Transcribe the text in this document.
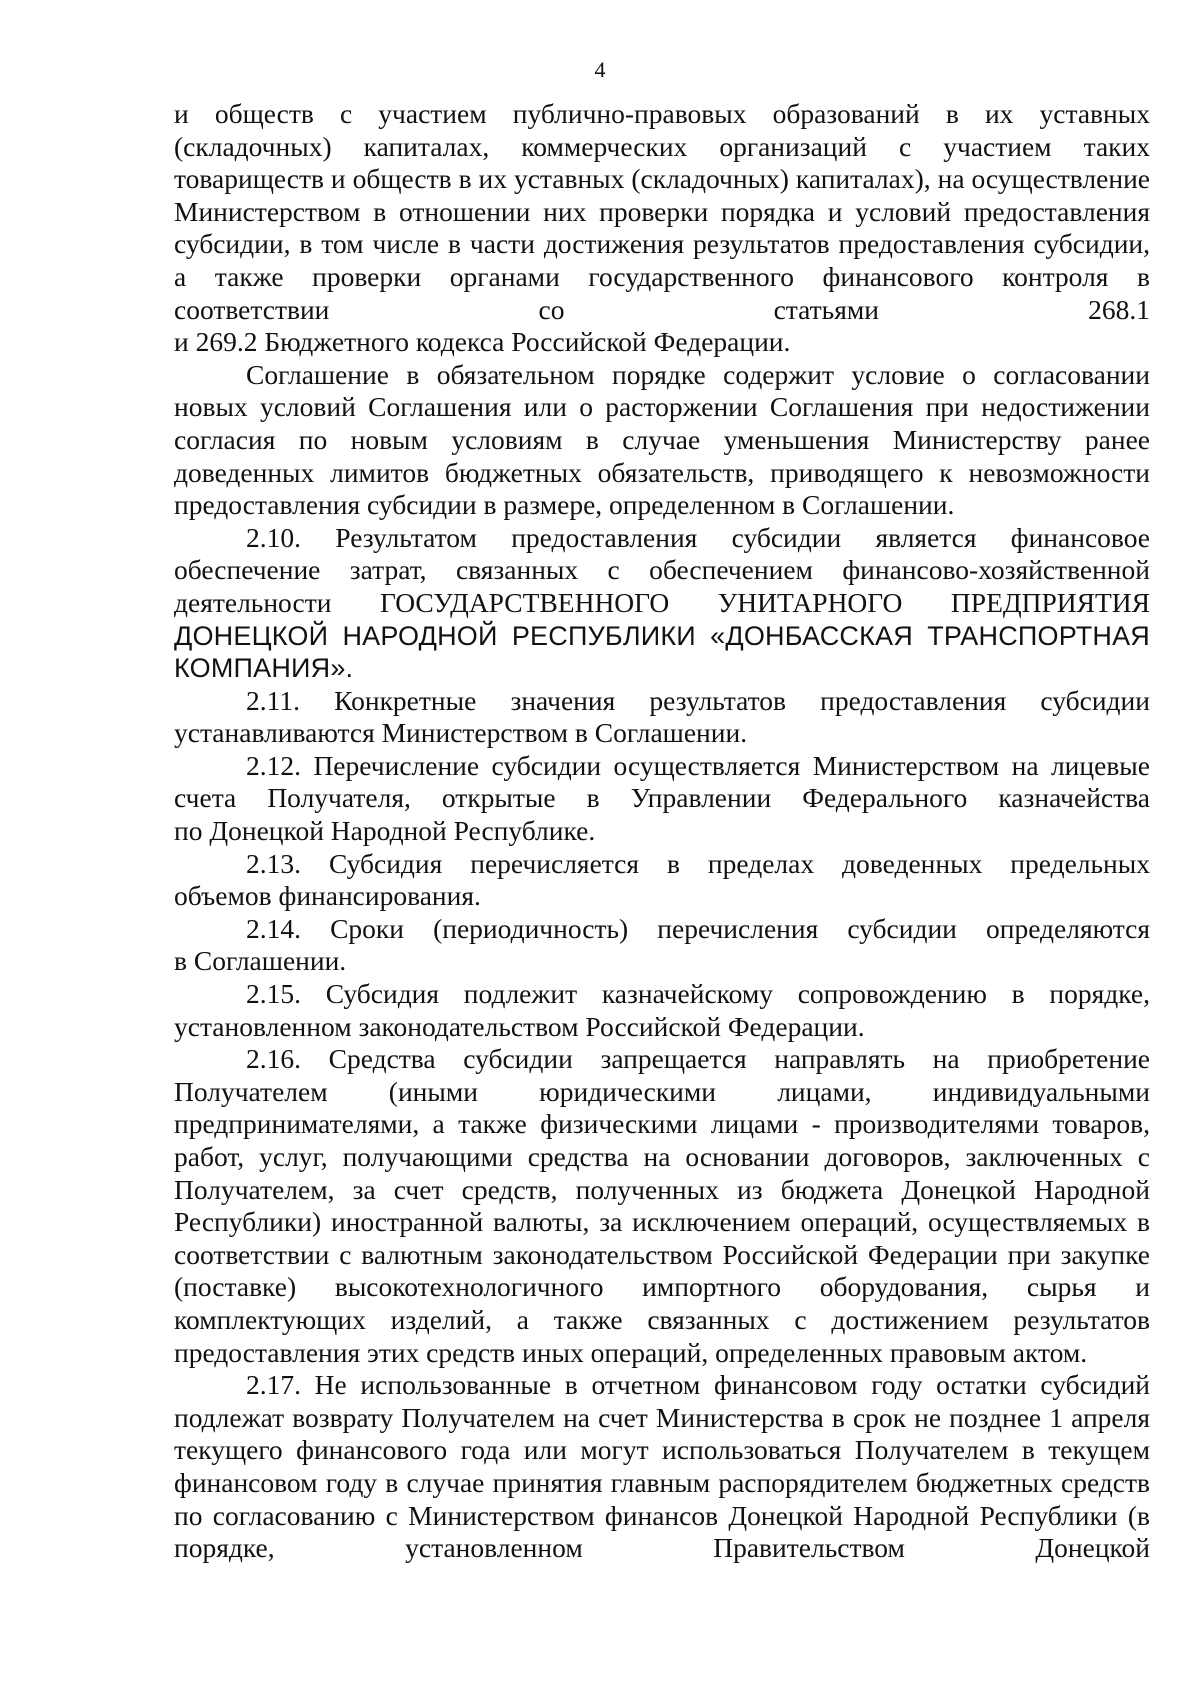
4

и обществ с участием публично-правовых образований в их уставных (складочных) капиталах, коммерческих организаций с участием таких товариществ и обществ в их уставных (складочных) капиталах), на осуществление Министерством в отношении них проверки порядка и условий предоставления субсидии, в том числе в части достижения результатов предоставления субсидии, а также проверки органами государственного финансового контроля в соответствии со статьями 268.1

и 269.2 Бюджетного кодекса Российской Федерации.

Соглашение в обязательном порядке содержит условие о согласовании новых условий Соглашения или о расторжении Соглашения при недостижении согласия по новым условиям в случае уменьшения Министерству ранее доведенных лимитов бюджетных обязательств, приводящего к невозможности

предоставления субсидии в размере, определенном в Соглашении.

2.10. Результатом предоставления субсидии является финансовое обеспечение затрат, связанных с обеспечением финансово-хозяйственной деятельности ГОСУДАРСТВЕННОГО УНИТАРНОГО ПРЕДПРИЯТИЯ

ДОНЕЦКОЙ НАРОДНОЙ РЕСПУБЛИКИ «ДОНБАССКАЯ ТРАНСПОРТНАЯ

КОМПАНИЯ».

2.11. Конкретные значения результатов предоставления субсидии

устанавливаются Министерством в Соглашении.

2.12. Перечисление субсидии осуществляется Министерством на лицевые счета Получателя, открытые в Управлении Федерального казначейства

по Донецкой Народной Республике.

2.13. Субсидия перечисляется в пределах доведенных предельных

объемов финансирования.

2.14. Сроки (периодичность) перечисления субсидии определяются

в Соглашении.

2.15. Субсидия подлежит казначейскому сопровождению в порядке,

установленном законодательством Российской Федерации.

2.16. Средства субсидии запрещается направлять на приобретение Получателем (иными юридическими лицами, индивидуальными предпринимателями, а также физическими лицами - производителями товаров, работ, услуг, получающими средства на основании договоров, заключенных с Получателем, за счет средств, полученных из бюджета Донецкой Народной Республики) иностранной валюты, за исключением операций, осуществляемых в соответствии с валютным законодательством Российской Федерации при закупке (поставке) высокотехнологичного импортного оборудования, сырья и комплектующих изделий, а также связанных с достижением результатов

предоставления этих средств иных операций, определенных правовым актом.

2.17. Не использованные в отчетном финансовом году остатки субсидий подлежат возврату Получателем на счет Министерства в срок не позднее 1 апреля текущего финансового года или могут использоваться Получателем в текущем финансовом году в случае принятия главным распорядителем бюджетных средств по согласованию с Министерством финансов Донецкой Народной Республики (в порядке, установленном Правительством Донецкой
